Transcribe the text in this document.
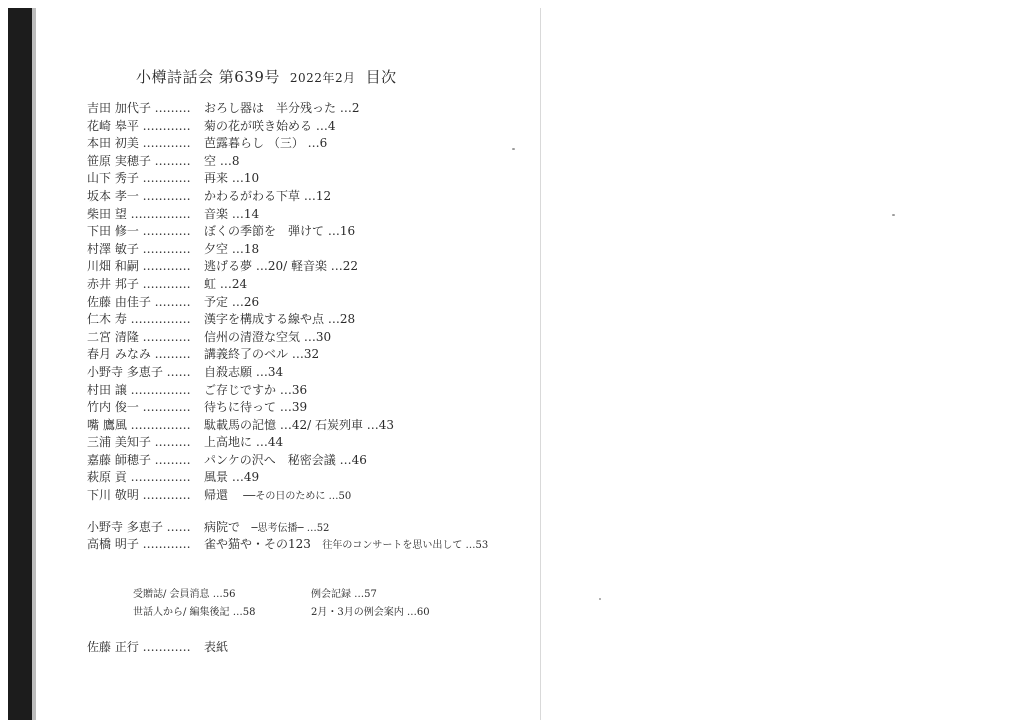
小樽詩話会 第639号 2022年2月 目次
吉田 加代子 ……… おろし器は　半分残った …2
花崎 皋平 ………… 菊の花が咲き始める …4
本田 初美 ………… 芭露暮らし （三） …6
笹原 実穂子 ……… 空 …8
山下 秀子 ………… 再来 …10
坂本 孝一 ………… かわるがわる下草 …12
柴田 望 …………… 音楽 …14
下田 修一 ………… ぼくの季節を　弾けて …16
村澤 敏子 ………… 夕空 …18
川畑 和嗣 ………… 逃げる夢 …20/ 軽音楽 …22
赤井 邦子 ………… 虹 …24
佐藤 由佳子 ……… 予定 …26
仁木 寿 …………… 漢字を構成する線や点 …28
二宮 清隆 ………… 信州の清澄な空気 …30
春月 みなみ ……… 講義終了のベル …32
小野寺 多恵子 …… 自殺志願 …34
村田 譲 …………… ご存じですか …36
竹内 俊一 ………… 待ちに待って …39
嘴 鷹風 …………… 駄載馬の記憶 …42/ 石炭列車 …43
三浦 美知子 ……… 上高地に …44
嘉藤 師穂子 ……… パンケの沢へ　秘密会議 …46
萩原 貢 …………… 風景 …49
下川 敬明 ………… 帰還 ──その日のために …50
小野寺 多恵子 …… 病院で ─思考伝播─ …52
高橋 明子 ………… 雀や猫や・その123 往年のコンサートを思い出して …53
受贈誌/ 会員消息 …56	例会記録 …57
世話人から/ 編集後記 …58	2月・3月の例会案内 …60
佐藤 正行 ………… 表紙
